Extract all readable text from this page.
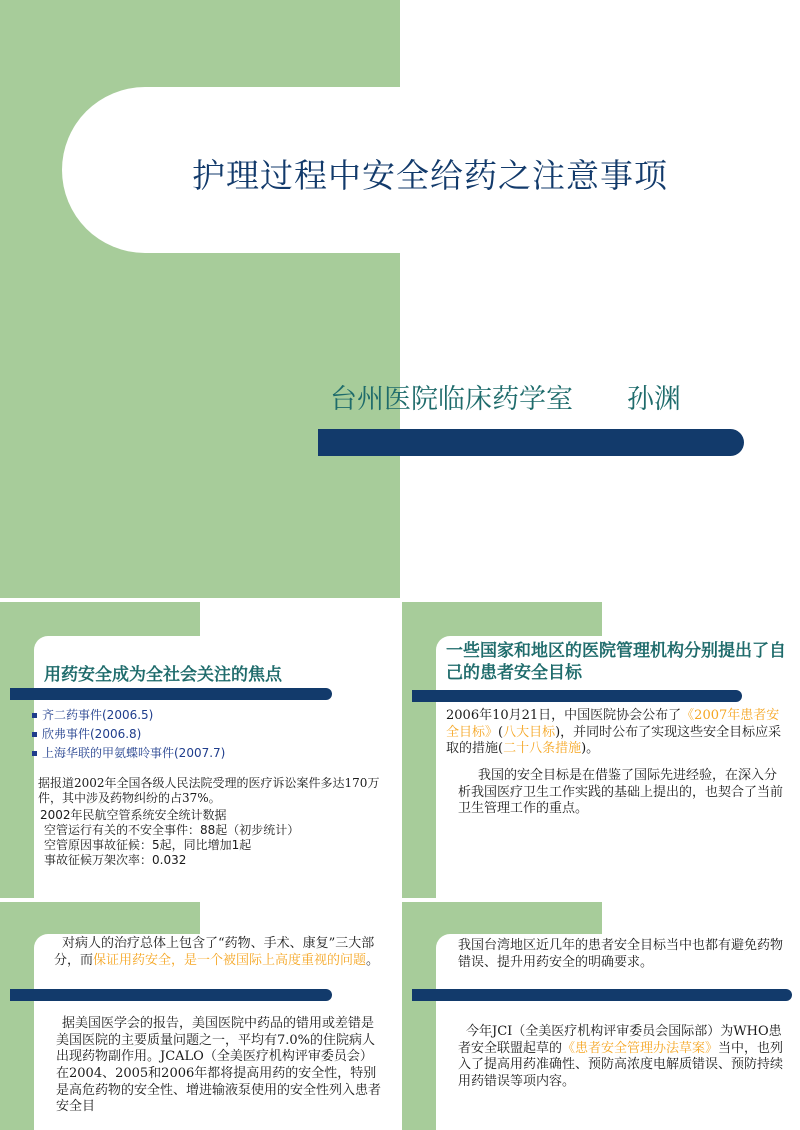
护理过程中安全给药之注意事项
台州医院临床药学室　　孙渊
用药安全成为全社会关注的焦点
齐二药事件(2006.5)
欣弗事件(2006.8)
上海华联的甲氨蝶呤事件(2007.7)
据报道2002年全国各级人民法院受理的医疗诉讼案件多达170万件，其中涉及药物纠纷的占37%。
2002年民航空管系统安全统计数据
空管运行有关的不安全事件：88起（初步统计）
空管原因事故征候：5起，同比增加1起
事故征候万架次率：0.032
一些国家和地区的医院管理机构分别提出了自己的患者安全目标
2006年10月21日，中国医院协会公布了《2007年患者安全目标》(八大目标)，并同时公布了实现这些安全目标应采取的措施(二十八条措施)。
我国的安全目标是在借鉴了国际先进经验，在深入分析我国医疗卫生工作实践的基础上提出的，也契合了当前卫生管理工作的重点。
对病人的治疗总体上包含了“药物、手术、康复”三大部分，而保证用药安全，是一个被国际上高度重视的问题。
据美国医学会的报告，美国医院中药品的错用或差错是美国医院的主要质量问题之一，平均有7.0%的住院病人出现药物副作用。JCALO（全美医疗机构评审委员会）在2004、2005和2006年都将提高用药的安全性，特别是高危药物的安全性、增进输液泵使用的安全性列入患者安全目
我国台湾地区近几年的患者安全目标当中也都有避免药物错误、提升用药安全的明确要求。
今年JCI（全美医疗机构评审委员会国际部）为WHO患者安全联盟起草的《患者安全管理办法草案》当中，也列入了提高用药准确性、预防高浓度电解质错误、预防持续用药错误等项内容。
